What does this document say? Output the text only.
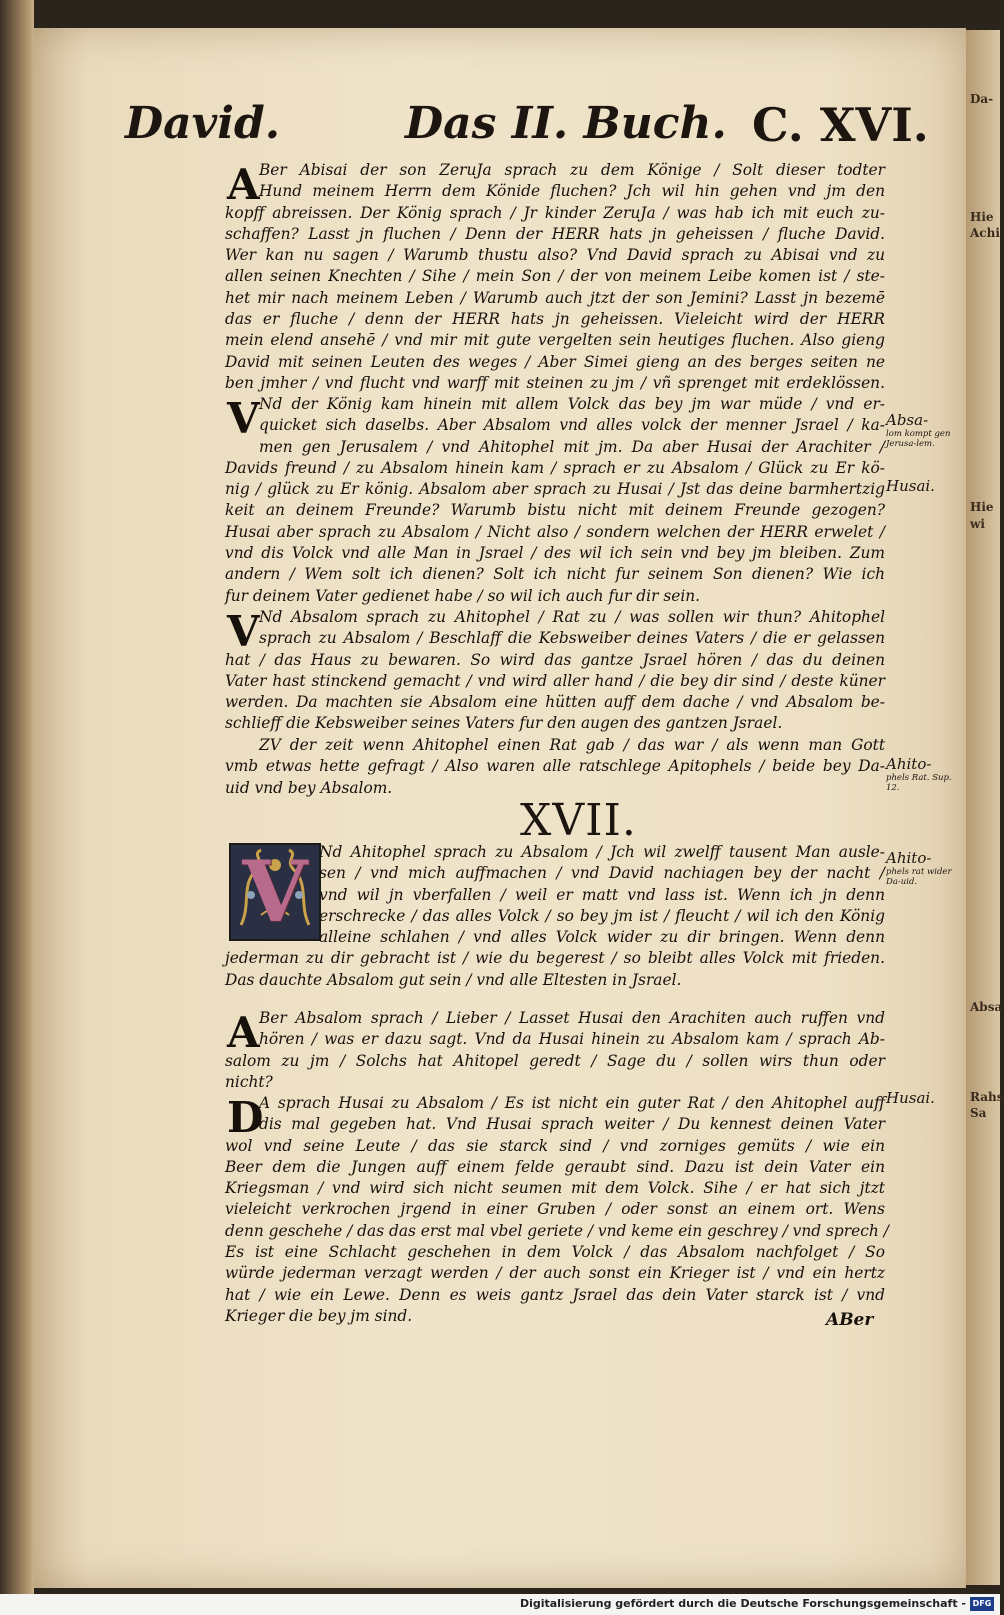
Da-
Hie
Achi
Hie
wi
Absa
Rahs
Sa
David.	Das II. Buch. C. XVI.
A Ber Abisai der son ZeruJa sprach zu dem Könige / Solt dieser todter
Hund meinem Herrn dem Könide fluchen? Jch wil hin gehen vnd jm den
kopff abreissen. Der König sprach / Jr kinder ZeruJa / was hab ich mit euch zu-
schaffen? Lasst jn fluchen / Denn der HERR hats jn geheissen / fluche David.
Wer kan nu sagen / Warumb thustu also? Vnd David sprach zu Abisai vnd zu
allen seinen Knechten / Sihe / mein Son / der von meinem Leibe komen ist / ste-
het mir nach meinem Leben / Warumb auch jtzt der son Jemini? Lasst jn bezemē
das er fluche / denn der HERR hats jn geheissen. Vieleicht wird der HERR
mein elend ansehē / vnd mir mit gute vergelten sein heutiges fluchen. Also gieng
David mit seinen Leuten des weges / Aber Simei gieng an des berges seiten ne
ben jmher / vnd flucht vnd warff mit steinen zu jm / vñ sprenget mit erdeklössen.
V Nd der König kam hinein mit allem Volck das bey jm war müde / vnd er-
quicket sich daselbs. Aber Absalom vnd alles volck der menner Jsrael / ka-
men gen Jerusalem / vnd Ahitophel mit jm. Da aber Husai der Arachiter /
Davids freund / zu Absalom hinein kam / sprach er zu Absalom / Glück zu Er kö-
nig / glück zu Er könig. Absalom aber sprach zu Husai / Jst das deine barmhertzig
keit an deinem Freunde? Warumb bistu nicht mit deinem Freunde gezogen?
Husai aber sprach zu Absalom / Nicht also / sondern welchen der HERR erwelet /
vnd dis Volck vnd alle Man in Jsrael / des wil ich sein vnd bey jm bleiben. Zum
andern / Wem solt ich dienen? Solt ich nicht fur seinem Son dienen? Wie ich
fur deinem Vater gedienet habe / so wil ich auch fur dir sein.
V Nd Absalom sprach zu Ahitophel / Rat zu / was sollen wir thun? Ahitophel
sprach zu Absalom / Beschlaff die Kebsweiber deines Vaters / die er gelassen
hat / das Haus zu bewaren. So wird das gantze Jsrael hören / das du deinen
Vater hast stinckend gemacht / vnd wird aller hand / die bey dir sind / deste küner
werden. Da machten sie Absalom eine hütten auff dem dache / vnd Absalom be-
schlieff die Kebsweiber seines Vaters fur den augen des gantzen Jsrael.
ZV der zeit wenn Ahitophel einen Rat gab / das war / als wenn man Gott
vmb etwas hette gefragt / Also waren alle ratschlege Apitophels / beide bey Da-
uid vnd bey Absalom.
XVII.
V Nd Ahitophel sprach zu Absalom / Jch wil zwelff tausent Man ausle-
sen / vnd mich auffmachen / vnd David nachiagen bey der nacht /
vnd wil jn vberfallen / weil er matt vnd lass ist. Wenn ich jn denn
erschrecke / das alles Volck / so bey jm ist / fleucht / wil ich den König
alleine schlahen / vnd alles Volck wider zu dir bringen. Wenn denn
jederman zu dir gebracht ist / wie du begerest / so bleibt alles Volck mit frieden.
Das dauchte Absalom gut sein / vnd alle Eltesten in Jsrael.
A Ber Absalom sprach / Lieber / Lasset Husai den Arachiten auch ruffen vnd
hören / was er dazu sagt. Vnd da Husai hinein zu Absalom kam / sprach Ab-
salom zu jm / Solchs hat Ahitopel geredt / Sage du / sollen wirs thun oder
nicht?
D
A sprach Husai zu Absalom / Es ist nicht ein guter Rat / den Ahitophel auff
dis mal gegeben hat. Vnd Husai sprach weiter / Du kennest deinen Vater
wol vnd seine Leute / das sie starck sind / vnd zorniges gemüts / wie ein
Beer dem die Jungen auff einem felde geraubt sind. Dazu ist dein Vater ein
Kriegsman / vnd wird sich nicht seumen mit dem Volck. Sihe / er hat sich jtzt
vieleicht verkrochen jrgend in einer Gruben / oder sonst an einem ort. Wens
denn geschehe / das das erst mal vbel geriete / vnd keme ein geschrey / vnd sprech /
Es ist eine Schlacht geschehen in dem Volck / das Absalom nachfolget / So
würde jederman verzagt werden / der auch sonst ein Krieger ist / vnd ein hertz
hat / wie ein Lewe. Denn es weis gantz Jsrael das dein Vater starck ist / vnd
Krieger die bey jm sind.
Absa-
lom kompt gen Jerusa-lem.
Husai.
Ahito-
phels Rat. Sup. 12.
Ahito-
phels rat wider Da-uid.
Husai.
ABer
Digitalisierung gefördert durch die Deutsche Forschungsgemeinschaft - DFG
